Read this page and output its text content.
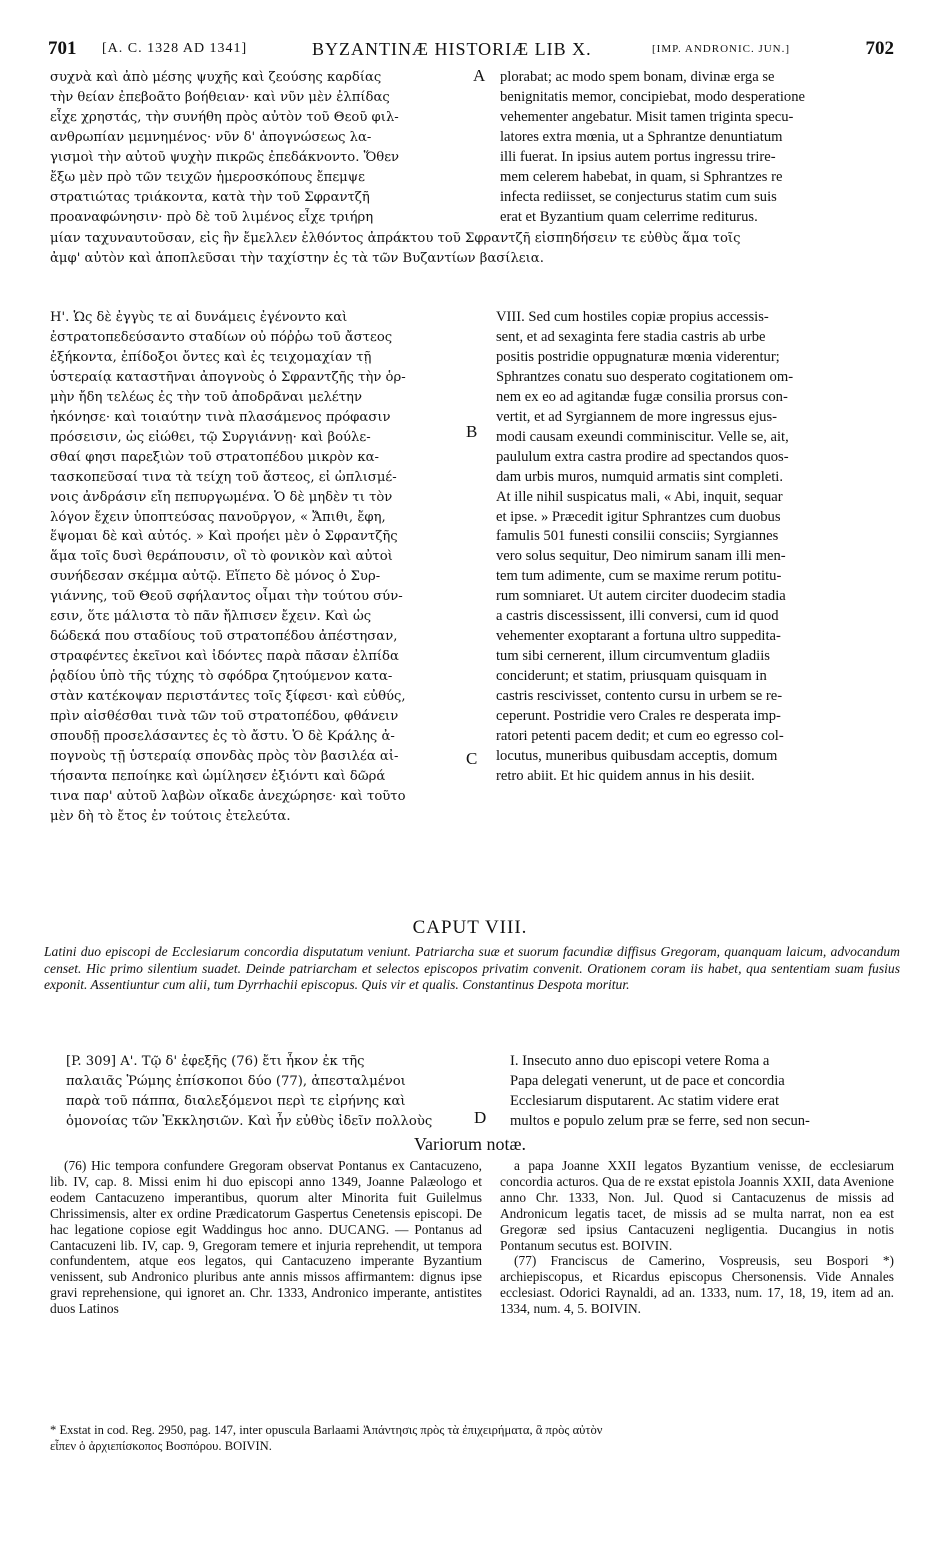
701 [A. C. 1328 AD 1341]	BYZANTINÆ HISTORIÆ LIB X.	[IMP. ANDRONIC. JUN.]	702
συχνὰ καὶ ἀπὸ μέσης ψυχῆς καὶ ζεούσης καρδίας
τὴν θείαν ἐπεβοᾶτο βοήθειαν· καὶ νῦν μὲν ἐλπίδας
εἶχε χρηστάς, τὴν συνήθη πρὸς αὐτὸν τοῦ Θεοῦ φιλ-
ανθρωπίαν μεμνημένος· νῦν δ' ἀπογνώσεως λα-
γισμοὶ τὴν αὐτοῦ ψυχὴν πικρῶς ἐπεδάκνοντο. Ὅθεν
ἔξω μὲν πρὸ τῶν τειχῶν ἡμεροσκόπους ἔπεμψε
στρατιώτας τριάκοντα, κατὰ τὴν τοῦ Σφραντζῆ
προαναφώνησιν· πρὸ δὲ τοῦ λιμένος εἶχε τριήρη
plorabat; ac modo spem bonam, divinæ erga se
benignitatis memor, concipiebat, modo desperatione
vehementer angebatur. Misit tamen triginta specu-
latores extra mœnia, ut a Sphrantze denuntiatum
illi fuerat. In ipsius autem portus ingressu trire-
mem celerem habebat, in quam, si Sphrantzes re
infecta rediisset, se conjecturus statim cum suis
erat et Byzantium quam celerrime rediturus.
A
μίαν ταχυναυτοῦσαν, εἰς ἣν ἔμελλεν ἐλθόντος ἀπράκτου τοῦ Σφραντζῆ εἰσπηδήσειν τε εὐθὺς ἅμα τοῖς
ἀμφ' αὐτὸν καὶ ἀποπλεῦσαι τὴν ταχίστην ἐς τὰ τῶν Βυζαντίων βασίλεια.
Η'. Ὡς δὲ ἐγγὺς τε αἱ δυνάμεις ἐγένοντο καὶ
ἐστρατοπεδεύσαντο σταδίων οὐ πόῤῥω τοῦ ἄστεος
ἑξήκοντα, ἐπίδοξοι ὄντες καὶ ἐς τειχομαχίαν τῇ
ὑστεραίᾳ καταστῆναι ἀπογνοὺς ὁ Σφραντζῆς τὴν ὁρ-
μὴν ἤδη τελέως ἐς τὴν τοῦ ἀποδρᾶναι μελέτην
ἠκόνησε· καὶ τοιαύτην τινὰ πλασάμενος πρόφασιν
πρόσεισιν, ὡς εἰώθει, τῷ Συργιάννῃ· καὶ βούλε-
σθαί φησι παρεξιὼν τοῦ στρατοπέδου μικρὸν κα-
τασκοπεῦσαί τινα τὰ τείχη τοῦ ἄστεος, εἰ ὡπλισμέ-
νοις ἀνδράσιν εἴη πεπυργωμένα. Ὁ δὲ μηδὲν τι τὸν
λόγον ἔχειν ὑποπτεύσας πανοῦργον, « Ἄπιθι, ἔφη,
ἕψομαι δὲ καὶ αὐτός. » Καὶ προήει μὲν ὁ Σφραντζῆς
ἅμα τοῖς δυσὶ θεράπουσιν, οἳ τὸ φονικὸν καὶ αὐτοὶ
συνήδεσαν σκέμμα αὐτῷ. Εἵπετο δὲ μόνος ὁ Συρ-
γιάννης, τοῦ Θεοῦ σφήλαντος οἶμαι τὴν τούτου σύν-
εσιν, ὅτε μάλιστα τὸ πᾶν ἤλπισεν ἔχειν. Καὶ ὡς
δώδεκά που σταδίους τοῦ στρατοπέδου ἀπέστησαν,
στραφέντες ἐκεῖνοι καὶ ἰδόντες παρὰ πᾶσαν ἐλπίδα
ῥᾳδίου ὑπὸ τῆς τύχης τὸ σφόδρα ζητούμενον κατα-
στὰν κατέκοψαν περιστάντες τοῖς ξίφεσι· καὶ εὐθύς,
πρὶν αἰσθέσθαι τινὰ τῶν τοῦ στρατοπέδου, φθάνειν
σπουδῇ προσελάσαντες ἐς τὸ ἄστυ. Ὁ δὲ Κράλης ἀ-
πογνοὺς τῇ ὑστεραίᾳ σπονδὰς πρὸς τὸν βασιλέα αἰ-
τήσαντα πεποίηκε καὶ ὡμίλησεν ἐξιόντι καὶ δῶρά
τινα παρ' αὐτοῦ λαβὼν οἴκαδε ἀνεχώρησε· καὶ τοῦτο
μὲν δὴ τὸ ἔτος ἐν τούτοις ἐτελεύτα.
VIII. Sed cum hostiles copiæ propius accessis-
sent, et ad sexaginta fere stadia castris ab urbe
positis postridie oppugnaturæ mœnia viderentur;
Sphrantzes conatu suo desperato cogitationem om-
nem ex eo ad agitandæ fugæ consilia prorsus con-
vertit, et ad Syrgiannem de more ingressus ejus-
modi causam exeundi comminiscitur. Velle se, ait,
paululum extra castra prodire ad spectandos quos-
dam urbis muros, numquid armatis sint completi.
At ille nihil suspicatus mali, « Abi, inquit, sequar
et ipse. » Præcedit igitur Sphrantzes cum duobus
famulis 501 funesti consilii consciis; Syrgiannes
vero solus sequitur, Deo nimirum sanam illi men-
tem tum adimente, cum se maxime rerum potitu-
rum somniaret. Ut autem circiter duodecim stadia
a castris discessissent, illi conversi, cum id quod
vehementer exoptarant a fortuna ultro suppedita-
tum sibi cernerent, illum circumventum gladiis
conciderunt; et statim, priusquam quisquam in
castris rescivisset, contento cursu in urbem se re-
ceperunt. Postridie vero Crales re desperata imp-
ratori petenti pacem dedit; et cum eo egresso col-
locutus, muneribus quibusdam acceptis, domum
retro abiit. Et hic quidem annus in his desiit.
B
C
CAPUT VIII.
Latini duo episcopi de Ecclesiarum concordia disputatum veniunt. Patriarcha suæ et suorum facundiæ diffisus Gregoram, quanquam laicum, advocandum censet. Hic primo silentium suadet. Deinde patriarcham et selectos episcopos privatim convenit. Orationem coram iis habet, qua sententiam suam fusius exponit. Assentiuntur cum alii, tum Dyrrhachii episcopus. Quis vir et qualis. Constantinus Despota moritur.
[P. 309] Α'. Τῷ δ' ἐφεξῆς (76) ἔτι ἧκον ἐκ τῆς
παλαιᾶς Ῥώμης ἐπίσκοποι δύο (77), ἀπεσταλμένοι
παρὰ τοῦ πάππα, διαλεξόμενοι περὶ τε εἰρήνης καὶ
ὁμονοίας τῶν Ἐκκλησιῶν. Καὶ ἦν εὐθὺς ἰδεῖν πολλοὺς
I. Insecuto anno duo episcopi vetere Roma a
Papa delegati venerunt, ut de pace et concordia
Ecclesiarum disputarent. Ac statim videre erat
multos e populo zelum præ se ferre, sed non secun-
D
Variorum notæ.

(76) Hic tempora confundere Gregoram observat Pontanus ex Cantacuzeno, lib. IV, cap. 8. Missi enim hi duo episcopi anno 1349, Joanne Palæologo et eodem Cantacuzeno imperantibus, quorum alter Minorita fuit Guilelmus Chrissimensis, alter ex ordine Prædicatorum Gaspertus Cenetensis episcopi. De hac legatione copiose egit Waddingus hoc anno. DUCANG. — Pontanus ad Cantacuzeni lib. IV, cap. 9, Gregoram temere et injuria reprehendit, ut tempora confundentem, atque eos legatos, qui Cantacuzeno imperante Byzantium venissent, sub Andronico pluribus ante annis missos affirmantem: dignus ipse gravi reprehensione, qui ignoret an. Chr. 1333, Andronico imperante, antistites duos Latinos

a papa Joanne XXII legatos Byzantium venisse, de ecclesiarum concordia acturos. Qua de re exstat epistola Joannis XXII, data Avenione anno Chr. 1333, Non. Jul. Quod si Cantacuzenus de missis ad Andronicum legatis tacet, de missis ad se multa narrat, non ea est Gregoræ sed ipsius Cantacuzeni negligentia. Ducangius in notis Pontanum secutus est. BOIVIN.

(77) Franciscus de Camerino, Vospreusis, seu Bospori *) archiepiscopus, et Ricardus episcopus Chersonensis. Vide Annales ecclesiast. Odorici Raynaldi, ad an. 1333, num. 17, 18, 19, item ad an. 1334, num. 4, 5. BOIVIN.

* Exstat in cod. Reg. 2950, pag. 147, inter opuscula Barlaami Ἀπάντησις πρὸς τὰ ἐπιχειρήματα, ἃ πρὸς αὐτὸν
εἶπεν ὁ ἀρχιεπίσκοπος Βοσπόρου. BOIVIN.
